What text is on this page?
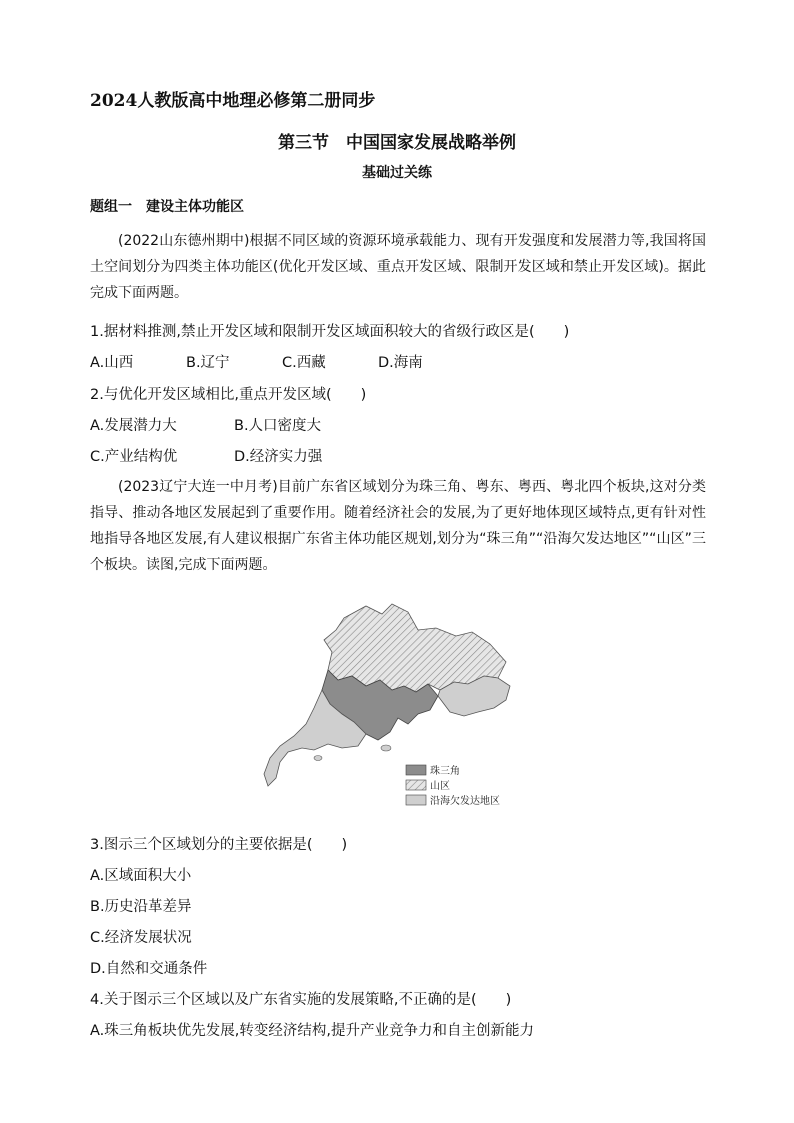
2024人教版高中地理必修第二册同步
第三节　中国国家发展战略举例
基础过关练
题组一　建设主体功能区
(2022山东德州期中)根据不同区域的资源环境承载能力、现有开发强度和发展潜力等,我国将国土空间划分为四类主体功能区(优化开发区域、重点开发区域、限制开发区域和禁止开发区域)。据此完成下面两题。
1.据材料推测,禁止开发区域和限制开发区域面积较大的省级行政区是(　　)
A.山西	B.辽宁	C.西藏	D.海南
2.与优化开发区域相比,重点开发区域(　　)
A.发展潜力大	B.人口密度大
C.产业结构优	D.经济实力强
(2023辽宁大连一中月考)目前广东省区域划分为珠三角、粤东、粤西、粤北四个板块,这对分类指导、推动各地区发展起到了重要作用。随着经济社会的发展,为了更好地体现区域特点,更有针对性地指导各地区发展,有人建议根据广东省主体功能区规划,划分为“珠三角”“沿海欠发达地区”“山区”三个板块。读图,完成下面两题。
珠三角
山区
沿海欠发达地区
3.图示三个区域划分的主要依据是(　　)
A.区域面积大小
B.历史沿革差异
C.经济发展状况
D.自然和交通条件
4.关于图示三个区域以及广东省实施的发展策略,不正确的是(　　)
A.珠三角板块优先发展,转变经济结构,提升产业竞争力和自主创新能力
